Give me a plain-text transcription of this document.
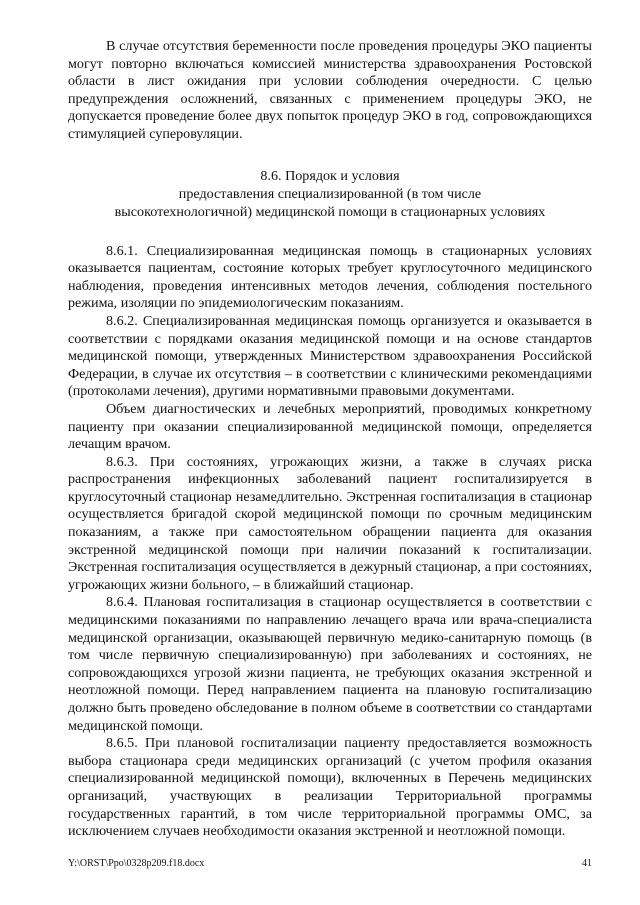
В случае отсутствия беременности после проведения процедуры ЭКО пациенты могут повторно включаться комиссией министерства здравоохранения Ростовской области в лист ожидания при условии соблюдения очередности. С целью предупреждения осложнений, связанных с применением процедуры ЭКО, не допускается проведение более двух попыток процедур ЭКО в год, сопровождающихся стимуляцией суперовуляции.

8.6. Порядок и условия
предоставления специализированной (в том числе
высокотехнологичной) медицинской помощи в стационарных условиях

8.6.1. Специализированная медицинская помощь в стационарных условиях оказывается пациентам, состояние которых требует круглосуточного медицинского наблюдения, проведения интенсивных методов лечения, соблюдения постельного режима, изоляции по эпидемиологическим показаниям.

8.6.2. Специализированная медицинская помощь организуется и оказывается в соответствии с порядками оказания медицинской помощи и на основе стандартов медицинской помощи, утвержденных Министерством здравоохранения Российской Федерации, в случае их отсутствия – в соответствии с клиническими рекомендациями (протоколами лечения), другими нормативными правовыми документами.

Объем диагностических и лечебных мероприятий, проводимых конкретному пациенту при оказании специализированной медицинской помощи, определяется лечащим врачом.

8.6.3. При состояниях, угрожающих жизни, а также в случаях риска распространения инфекционных заболеваний пациент госпитализируется в круглосуточный стационар незамедлительно. Экстренная госпитализация в стационар осуществляется бригадой скорой медицинской помощи по срочным медицинским показаниям, а также при самостоятельном обращении пациента для оказания экстренной медицинской помощи при наличии показаний к госпитализации. Экстренная госпитализация осуществляется в дежурный стационар, а при состояниях, угрожающих жизни больного, – в ближайший стационар.

8.6.4. Плановая госпитализация в стационар осуществляется в соответствии с медицинскими показаниями по направлению лечащего врача или врача-специалиста медицинской организации, оказывающей первичную медико-санитарную помощь (в том числе первичную специализированную) при заболеваниях и состояниях, не сопровождающихся угрозой жизни пациента, не требующих оказания экстренной и неотложной помощи. Перед направлением пациента на плановую госпитализацию должно быть проведено обследование в полном объеме в соответствии со стандартами медицинской помощи.

8.6.5. При плановой госпитализации пациенту предоставляется возможность выбора стационара среди медицинских организаций (с учетом профиля оказания специализированной медицинской помощи), включенных в Перечень медицинских организаций, участвующих в реализации Территориальной программы государственных гарантий, в том числе территориальной программы ОМС, за исключением случаев необходимости оказания экстренной и неотложной помощи.

Y:\ORST\Ppo\0328p209.f18.docx	41
